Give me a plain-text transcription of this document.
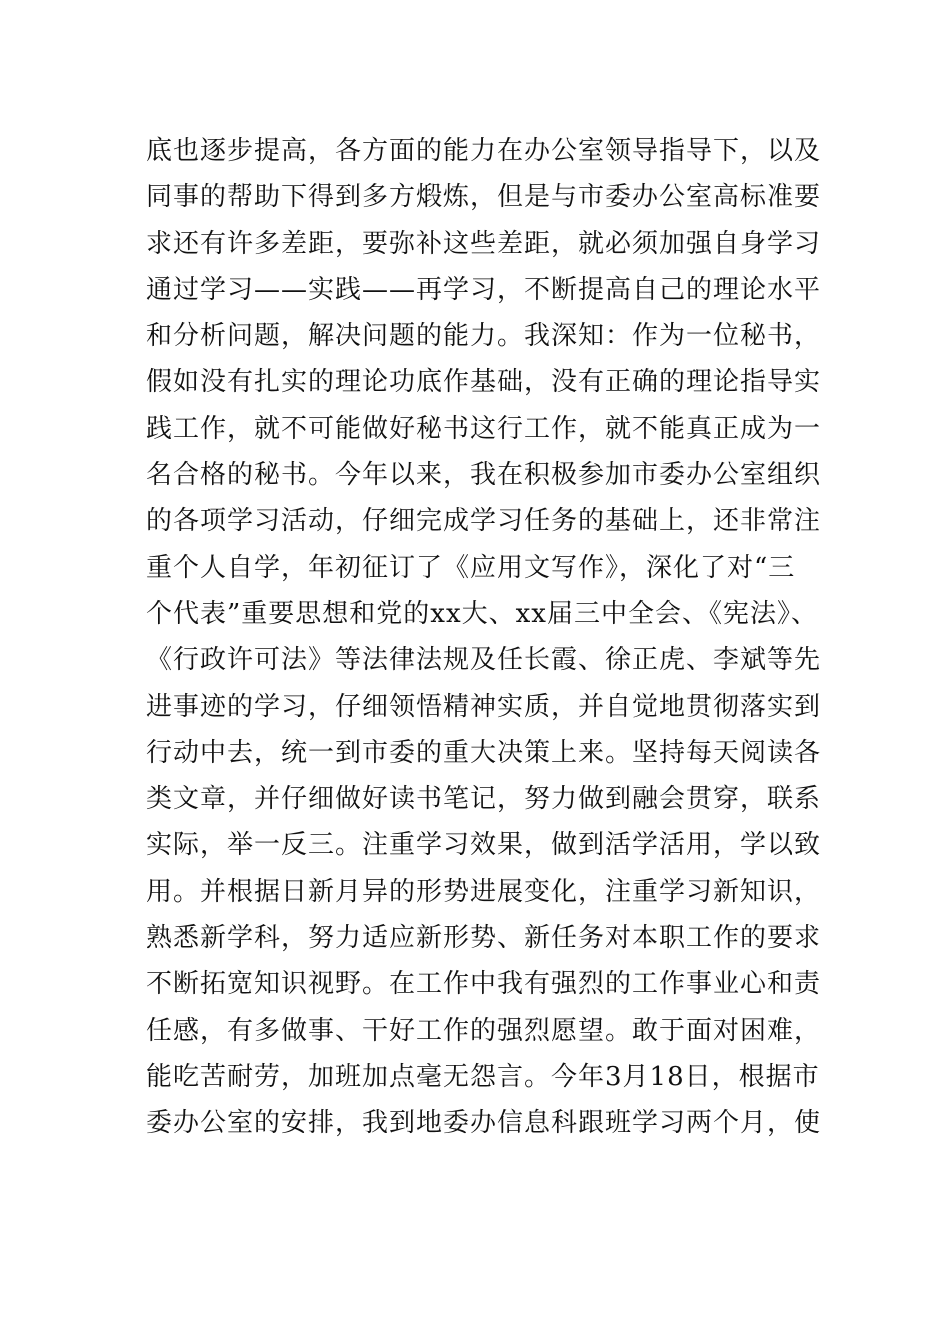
底也逐步提高，各方面的能力在办公室领导指导下，以及
同事的帮助下得到多方煅炼，但是与市委办公室高标准要
求还有许多差距，要弥补这些差距，就必须加强自身学习
通过学习——实践——再学习，不断提高自己的理论水平
和分析问题，解决问题的能力。我深知：作为一位秘书，
假如没有扎实的理论功底作基础，没有正确的理论指导实
践工作，就不可能做好秘书这行工作，就不能真正成为一
名合格的秘书。今年以来，我在积极参加市委办公室组织
的各项学习活动，仔细完成学习任务的基础上，还非常注
重个人自学，年初征订了《应用文写作》，深化了对“三
个代表”重要思想和党的xx大、xx届三中全会、《宪法》、
《行政许可法》等法律法规及任长霞、徐正虎、李斌等先
进事迹的学习，仔细领悟精神实质，并自觉地贯彻落实到
行动中去，统一到市委的重大决策上来。坚持每天阅读各
类文章，并仔细做好读书笔记，努力做到融会贯穿，联系
实际，举一反三。注重学习效果，做到活学活用，学以致
用。并根据日新月异的形势进展变化，注重学习新知识，
熟悉新学科，努力适应新形势、新任务对本职工作的要求
不断拓宽知识视野。在工作中我有强烈的工作事业心和责
任感，有多做事、干好工作的强烈愿望。敢于面对困难，
能吃苦耐劳，加班加点毫无怨言。今年3月18日，根据市
委办公室的安排，我到地委办信息科跟班学习两个月，使
